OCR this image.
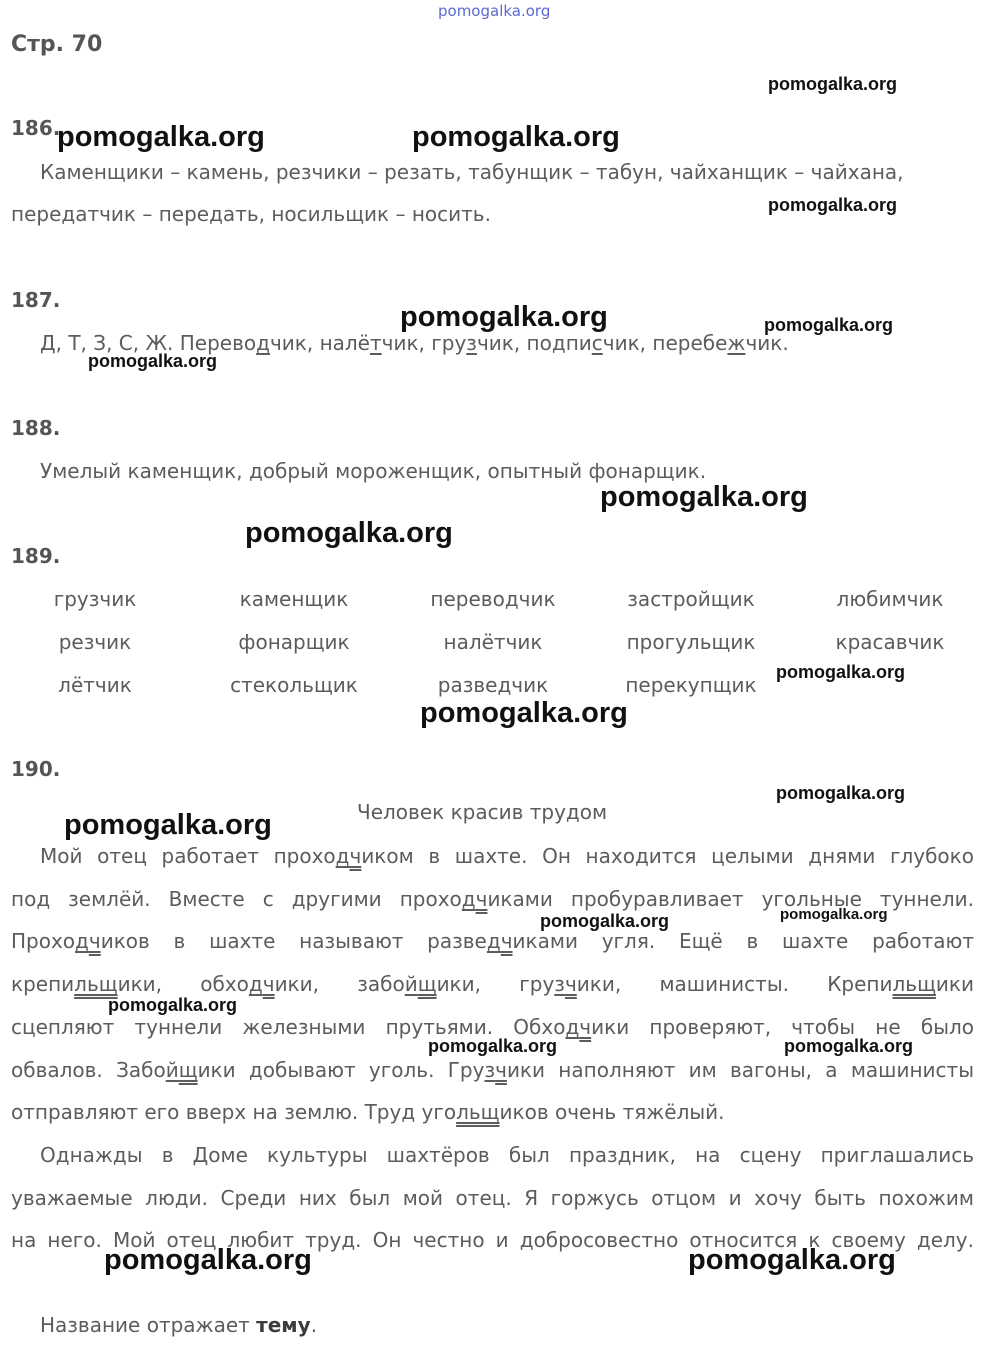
pomogalka.org
Стр. 70
186.
Каменщики – камень, резчики – резать, табунщик – табун, чайханщик – чайхана,
передатчик – передать, носильщик – носить.
187.
Д, Т, З, С, Ж. Переводчик, налётчик, грузчик, подписчик, перебежчик.
188.
Умелый каменщик, добрый мороженщик, опытный фонарщик.
189.
грузчик	каменщик	переводчик	застройщик	любимчик
резчик	фонарщик	налётчик	прогульщик	красавчик
лётчик	стекольщик	разведчик	перекупщик
190.
Человек красив трудом
Мой отец работает проходчиком в шахте. Он находится целыми днями глубоко
под землёй. Вместе с другими проходчиками пробуравливает угольные туннели.
Проходчиков в шахте называют разведчиками угля. Ещё в шахте работают
крепильщики, обходчики, забойщики, грузчики, машинисты. Крепильщики
сцепляют туннели железными прутьями. Обходчики проверяют, чтобы не было
обвалов. Забойщики добывают уголь. Грузчики наполняют им вагоны, а машинисты
отправляют его вверх на землю. Труд угольщиков очень тяжёлый.
Однажды в Доме культуры шахтёров был праздник, на сцену приглашались
уважаемые люди. Среди них был мой отец. Я горжусь отцом и хочу быть похожим
на него. Мой отец любит труд. Он честно и добросовестно относится к своему делу.
Название отражает тему.
pomogalka.org
pomogalka.org	pomogalka.org
pomogalka.org
pomogalka.org	pomogalka.org
pomogalka.org
pomogalka.org
pomogalka.org
pomogalka.org
pomogalka.org
pomogalka.org
pomogalka.org
pomogalka.org	pomogalka.org
pomogalka.org
pomogalka.org	pomogalka.org
pomogalka.org	pomogalka.org
